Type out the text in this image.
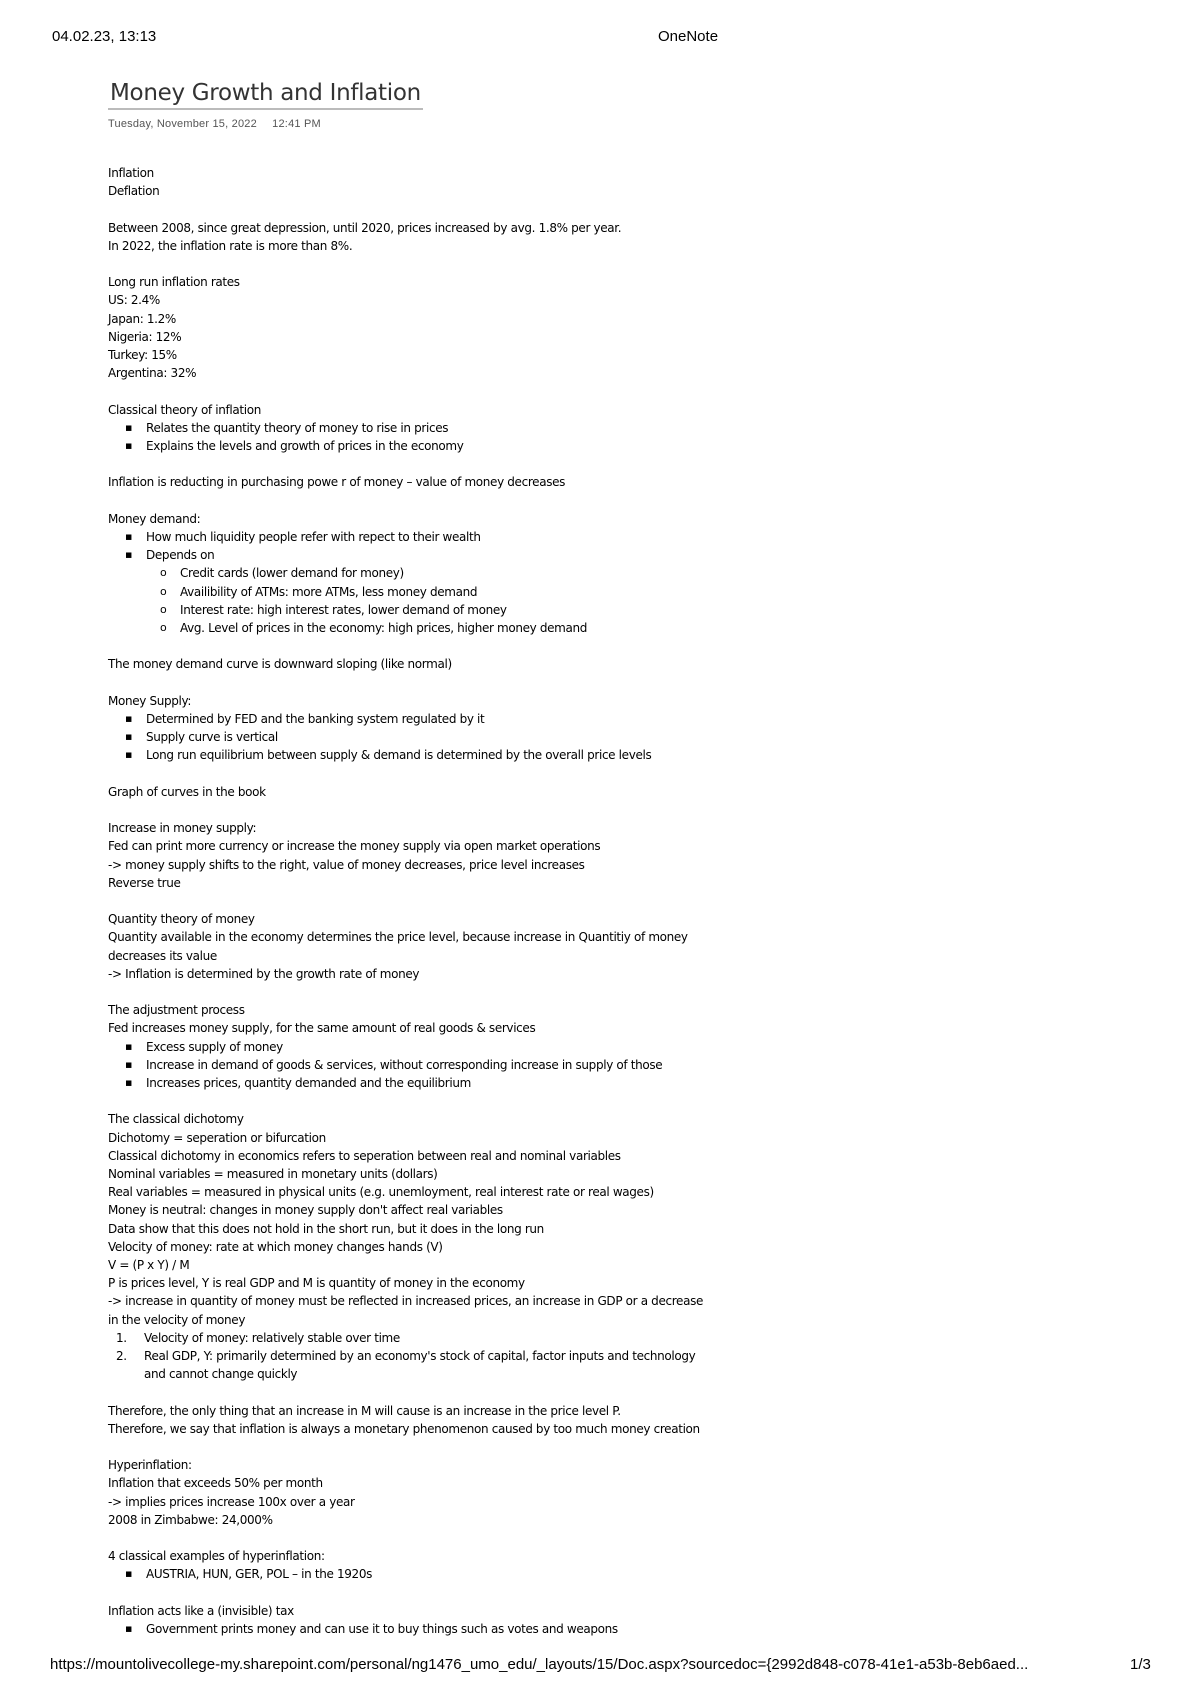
04.02.23, 13:13	OneNote
Money Growth and Inflation
Tuesday, November 15, 2022 12:41 PM
Inflation
Deflation
Between 2008, since great depression, until 2020, prices increased by avg. 1.8% per year.
In 2022, the inflation rate is more than 8%.
Long run inflation rates
US: 2.4%
Japan: 1.2%
Nigeria: 12%
Turkey: 15%
Argentina: 32%
Classical theory of inflation
▪ Relates the quantity theory of money to rise in prices
▪ Explains the levels and growth of prices in the economy
Inflation is reducting in purchasing powe r of money – value of money decreases
Money demand:
▪ How much liquidity people refer with repect to their wealth
▪ Depends on
o Credit cards (lower demand for money)
o Availibility of ATMs: more ATMs, less money demand
o Interest rate: high interest rates, lower demand of money
o Avg. Level of prices in the economy: high prices, higher money demand
The money demand curve is downward sloping (like normal)
Money Supply:
▪ Determined by FED and the banking system regulated by it
▪ Supply curve is vertical
▪ Long run equilibrium between supply & demand is determined by the overall price levels
Graph of curves in the book
Increase in money supply:
Fed can print more currency or increase the money supply via open market operations
-> money supply shifts to the right, value of money decreases, price level increases
Reverse true
Quantity theory of money
Quantity available in the economy determines the price level, because increase in Quantitiy of money
decreases its value
-> Inflation is determined by the growth rate of money
The adjustment process
Fed increases money supply, for the same amount of real goods & services
▪ Excess supply of money
▪ Increase in demand of goods & services, without corresponding increase in supply of those
▪ Increases prices, quantity demanded and the equilibrium
The classical dichotomy
Dichotomy = seperation or bifurcation
Classical dichotomy in economics refers to seperation between real and nominal variables
Nominal variables = measured in monetary units (dollars)
Real variables = measured in physical units (e.g. unemloyment, real interest rate or real wages)
Money is neutral: changes in money supply don't affect real variables
Data show that this does not hold in the short run, but it does in the long run
Velocity of money: rate at which money changes hands (V)
V = (P x Y) / M
P is prices level, Y is real GDP and M is quantity of money in the economy
-> increase in quantity of money must be reflected in increased prices, an increase in GDP or a decrease
in the velocity of money
1. Velocity of money: relatively stable over time
2. Real GDP, Y: primarily determined by an economy's stock of capital, factor inputs and technology
and cannot change quickly
Therefore, the only thing that an increase in M will cause is an increase in the price level P.
Therefore, we say that inflation is always a monetary phenomenon caused by too much money creation
Hyperinflation:
Inflation that exceeds 50% per month
-> implies prices increase 100x over a year
2008 in Zimbabwe: 24,000%
4 classical examples of hyperinflation:
▪ AUSTRIA, HUN, GER, POL – in the 1920s
Inflation acts like a (invisible) tax
▪ Government prints money and can use it to buy things such as votes and weapons
https://mountolivecollege-my.sharepoint.com/personal/ng1476_umo_edu/_layouts/15/Doc.aspx?sourcedoc={2992d848-c078-41e1-a53b-8eb6aed...	1/3
